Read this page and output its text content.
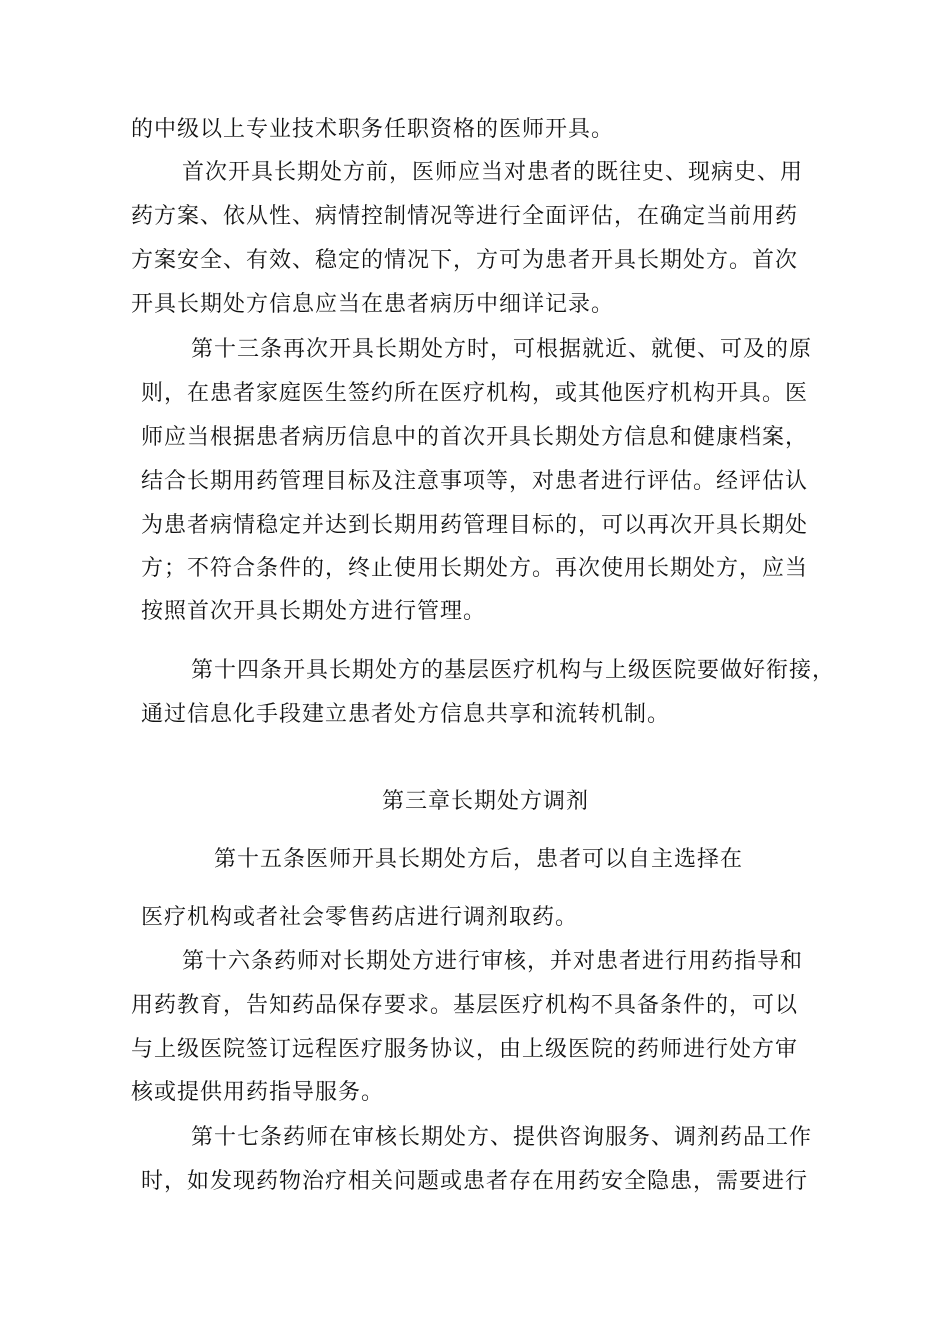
的中级以上专业技术职务任职资格的医师开具。
首次开具长期处方前，医师应当对患者的既往史、现病史、用
药方案、依从性、病情控制情况等进行全面评估，在确定当前用药
方案安全、有效、稳定的情况下，方可为患者开具长期处方。首次
开具长期处方信息应当在患者病历中细详记录。
第十三条再次开具长期处方时，可根据就近、就便、可及的原
则，在患者家庭医生签约所在医疗机构，或其他医疗机构开具。医
师应当根据患者病历信息中的首次开具长期处方信息和健康档案，
结合长期用药管理目标及注意事项等，对患者进行评估。经评估认
为患者病情稳定并达到长期用药管理目标的，可以再次开具长期处
方；不符合条件的，终止使用长期处方。再次使用长期处方，应当
按照首次开具长期处方进行管理。
第十四条开具长期处方的基层医疗机构与上级医院要做好衔接，
通过信息化手段建立患者处方信息共享和流转机制。
第三章长期处方调剂
第十五条医师开具长期处方后，患者可以自主选择在
医疗机构或者社会零售药店进行调剂取药。
第十六条药师对长期处方进行审核，并对患者进行用药指导和
用药教育，告知药品保存要求。基层医疗机构不具备条件的，可以
与上级医院签订远程医疗服务协议，由上级医院的药师进行处方审
核或提供用药指导服务。
第十七条药师在审核长期处方、提供咨询服务、调剂药品工作
时，如发现药物治疗相关问题或患者存在用药安全隐患，需要进行
